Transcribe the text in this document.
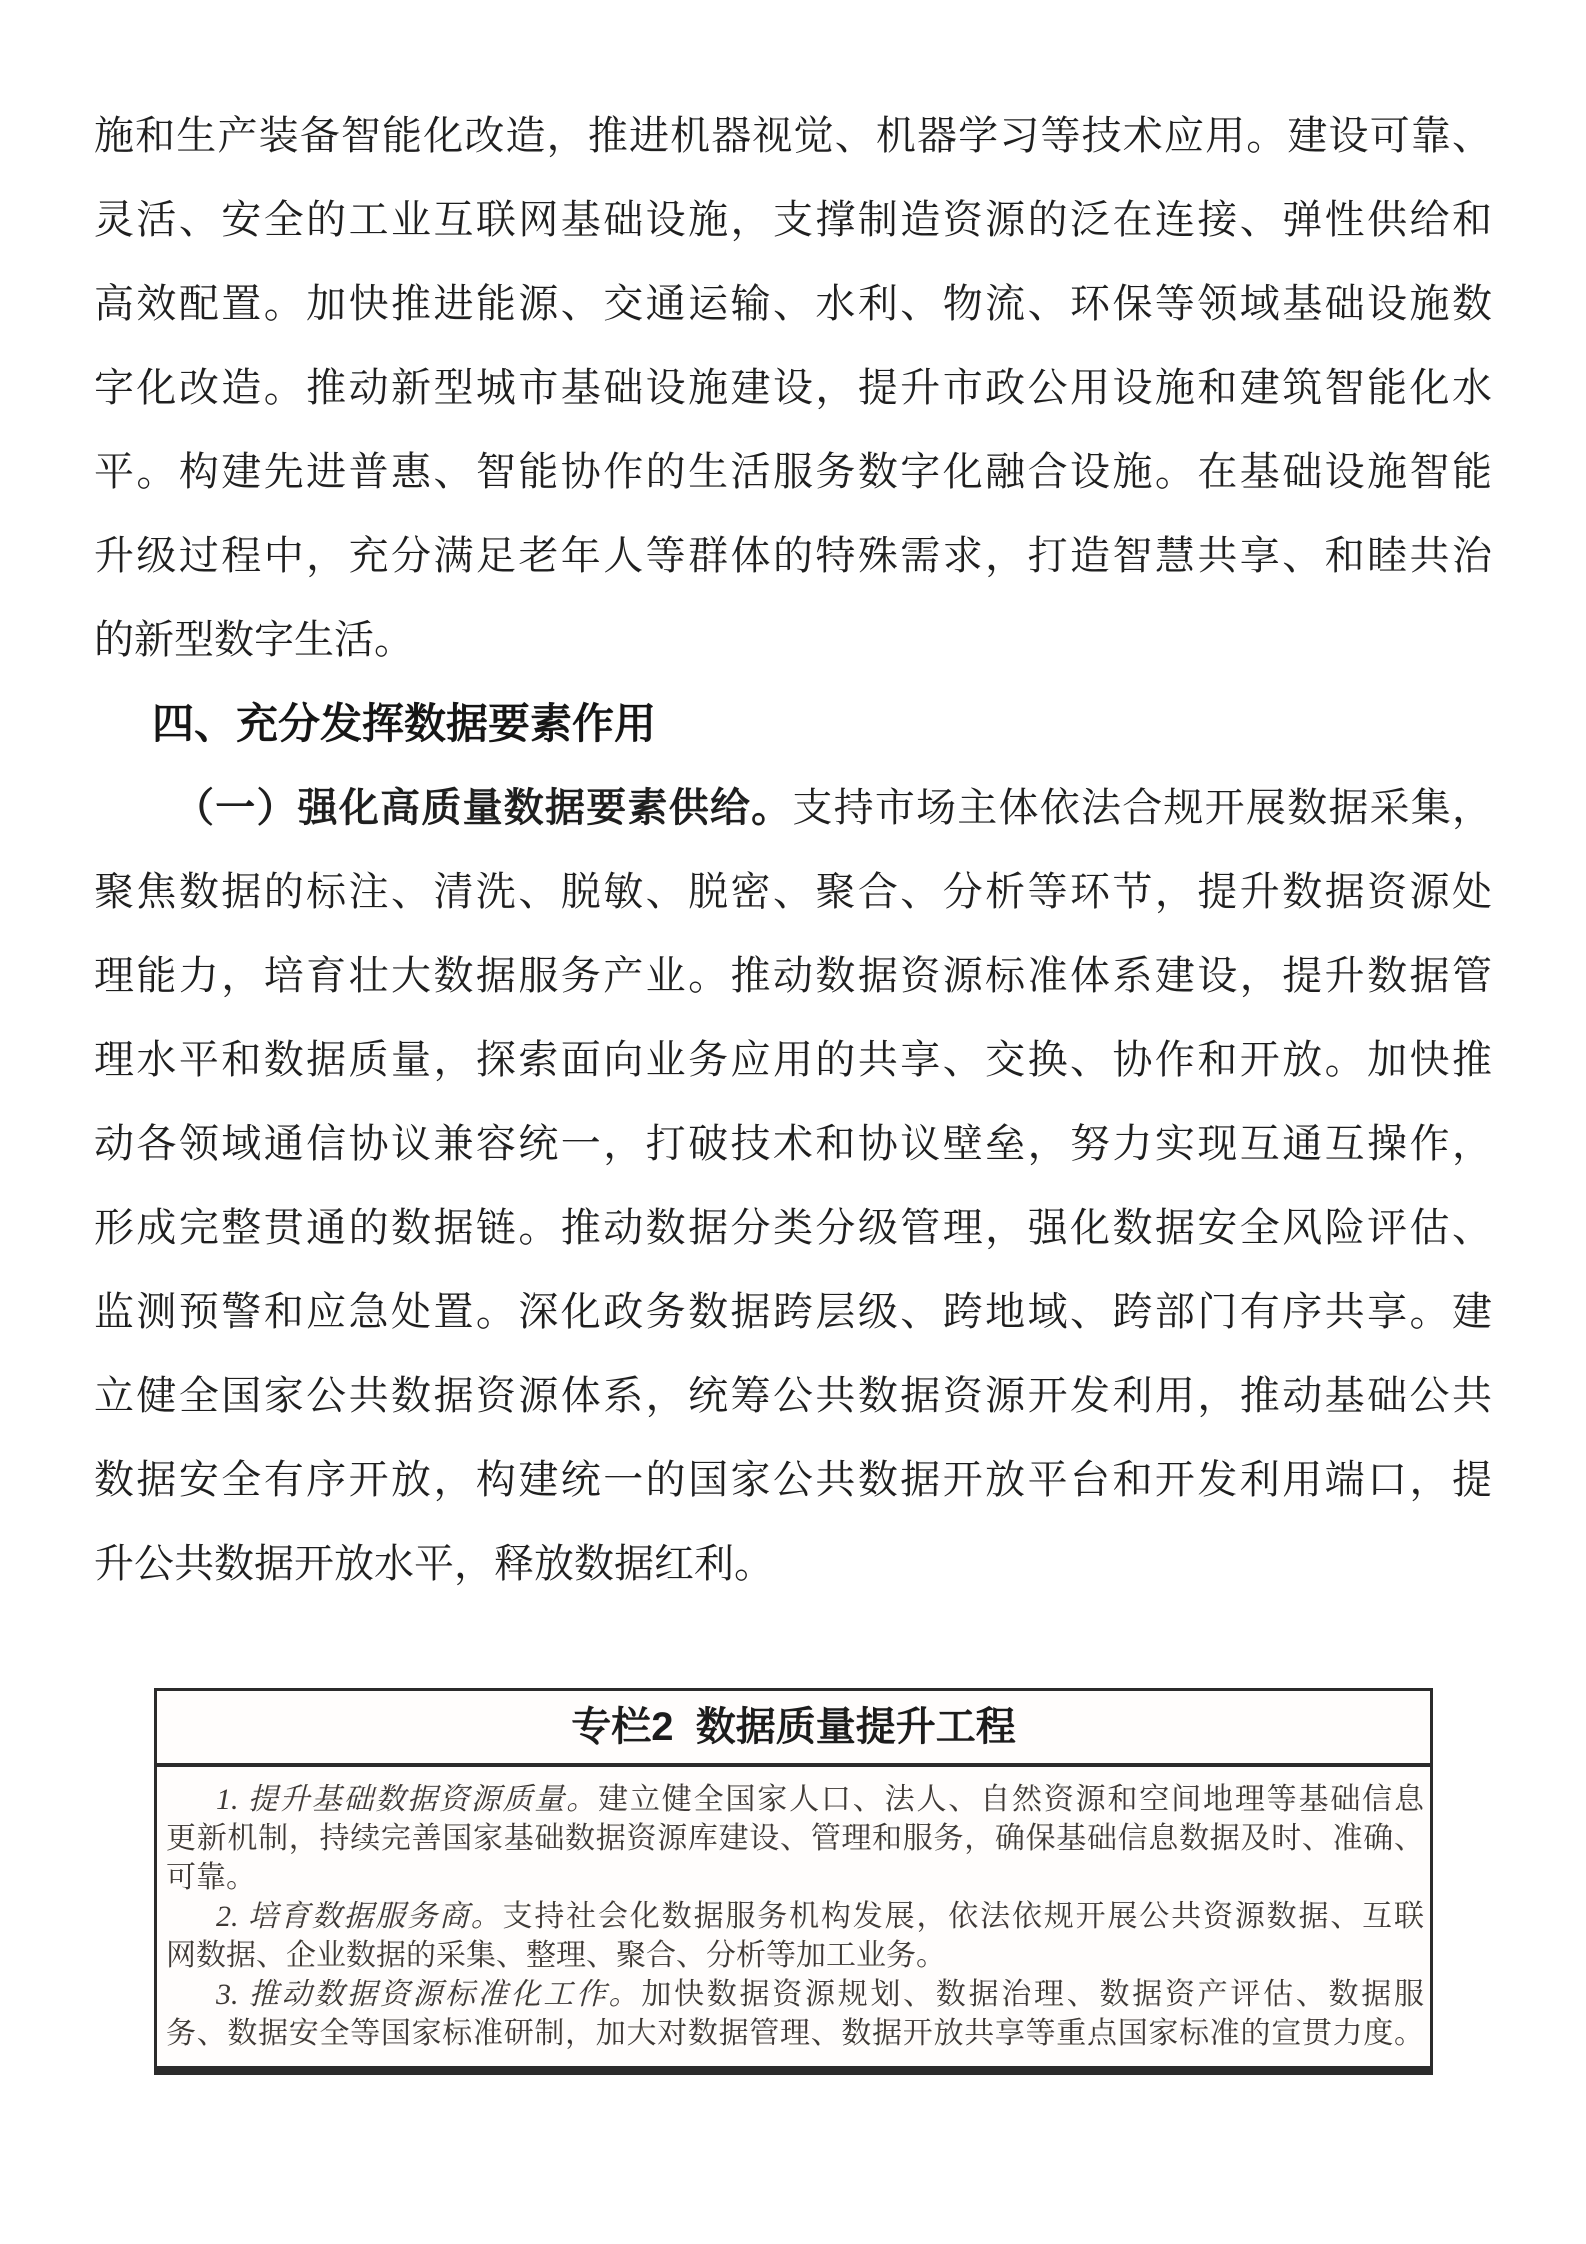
施和生产装备智能化改造，推进机器视觉、机器学习等技术应用。建设可靠、
灵活、安全的工业互联网基础设施，支撑制造资源的泛在连接、弹性供给和
高效配置。加快推进能源、交通运输、水利、物流、环保等领域基础设施数
字化改造。推动新型城市基础设施建设，提升市政公用设施和建筑智能化水
平。构建先进普惠、智能协作的生活服务数字化融合设施。在基础设施智能
升级过程中，充分满足老年人等群体的特殊需求，打造智慧共享、和睦共治
的新型数字生活。
四、充分发挥数据要素作用
（一）强化高质量数据要素供给。支持市场主体依法合规开展数据采集，
聚焦数据的标注、清洗、脱敏、脱密、聚合、分析等环节，提升数据资源处
理能力，培育壮大数据服务产业。推动数据资源标准体系建设，提升数据管
理水平和数据质量，探索面向业务应用的共享、交换、协作和开放。加快推
动各领域通信协议兼容统一，打破技术和协议壁垒，努力实现互通互操作，
形成完整贯通的数据链。推动数据分类分级管理，强化数据安全风险评估、
监测预警和应急处置。深化政务数据跨层级、跨地域、跨部门有序共享。建
立健全国家公共数据资源体系，统筹公共数据资源开发利用，推动基础公共
数据安全有序开放，构建统一的国家公共数据开放平台和开发利用端口，提
升公共数据开放水平，释放数据红利。
专栏2  数据质量提升工程
1. 提升基础数据资源质量。建立健全国家人口、法人、自然资源和空间地理等基础信息
更新机制，持续完善国家基础数据资源库建设、管理和服务，确保基础信息数据及时、准确、
可靠。
2. 培育数据服务商。支持社会化数据服务机构发展，依法依规开展公共资源数据、互联
网数据、企业数据的采集、整理、聚合、分析等加工业务。
3. 推动数据资源标准化工作。加快数据资源规划、数据治理、数据资产评估、数据服
务、数据安全等国家标准研制，加大对数据管理、数据开放共享等重点国家标准的宣贯力度。
